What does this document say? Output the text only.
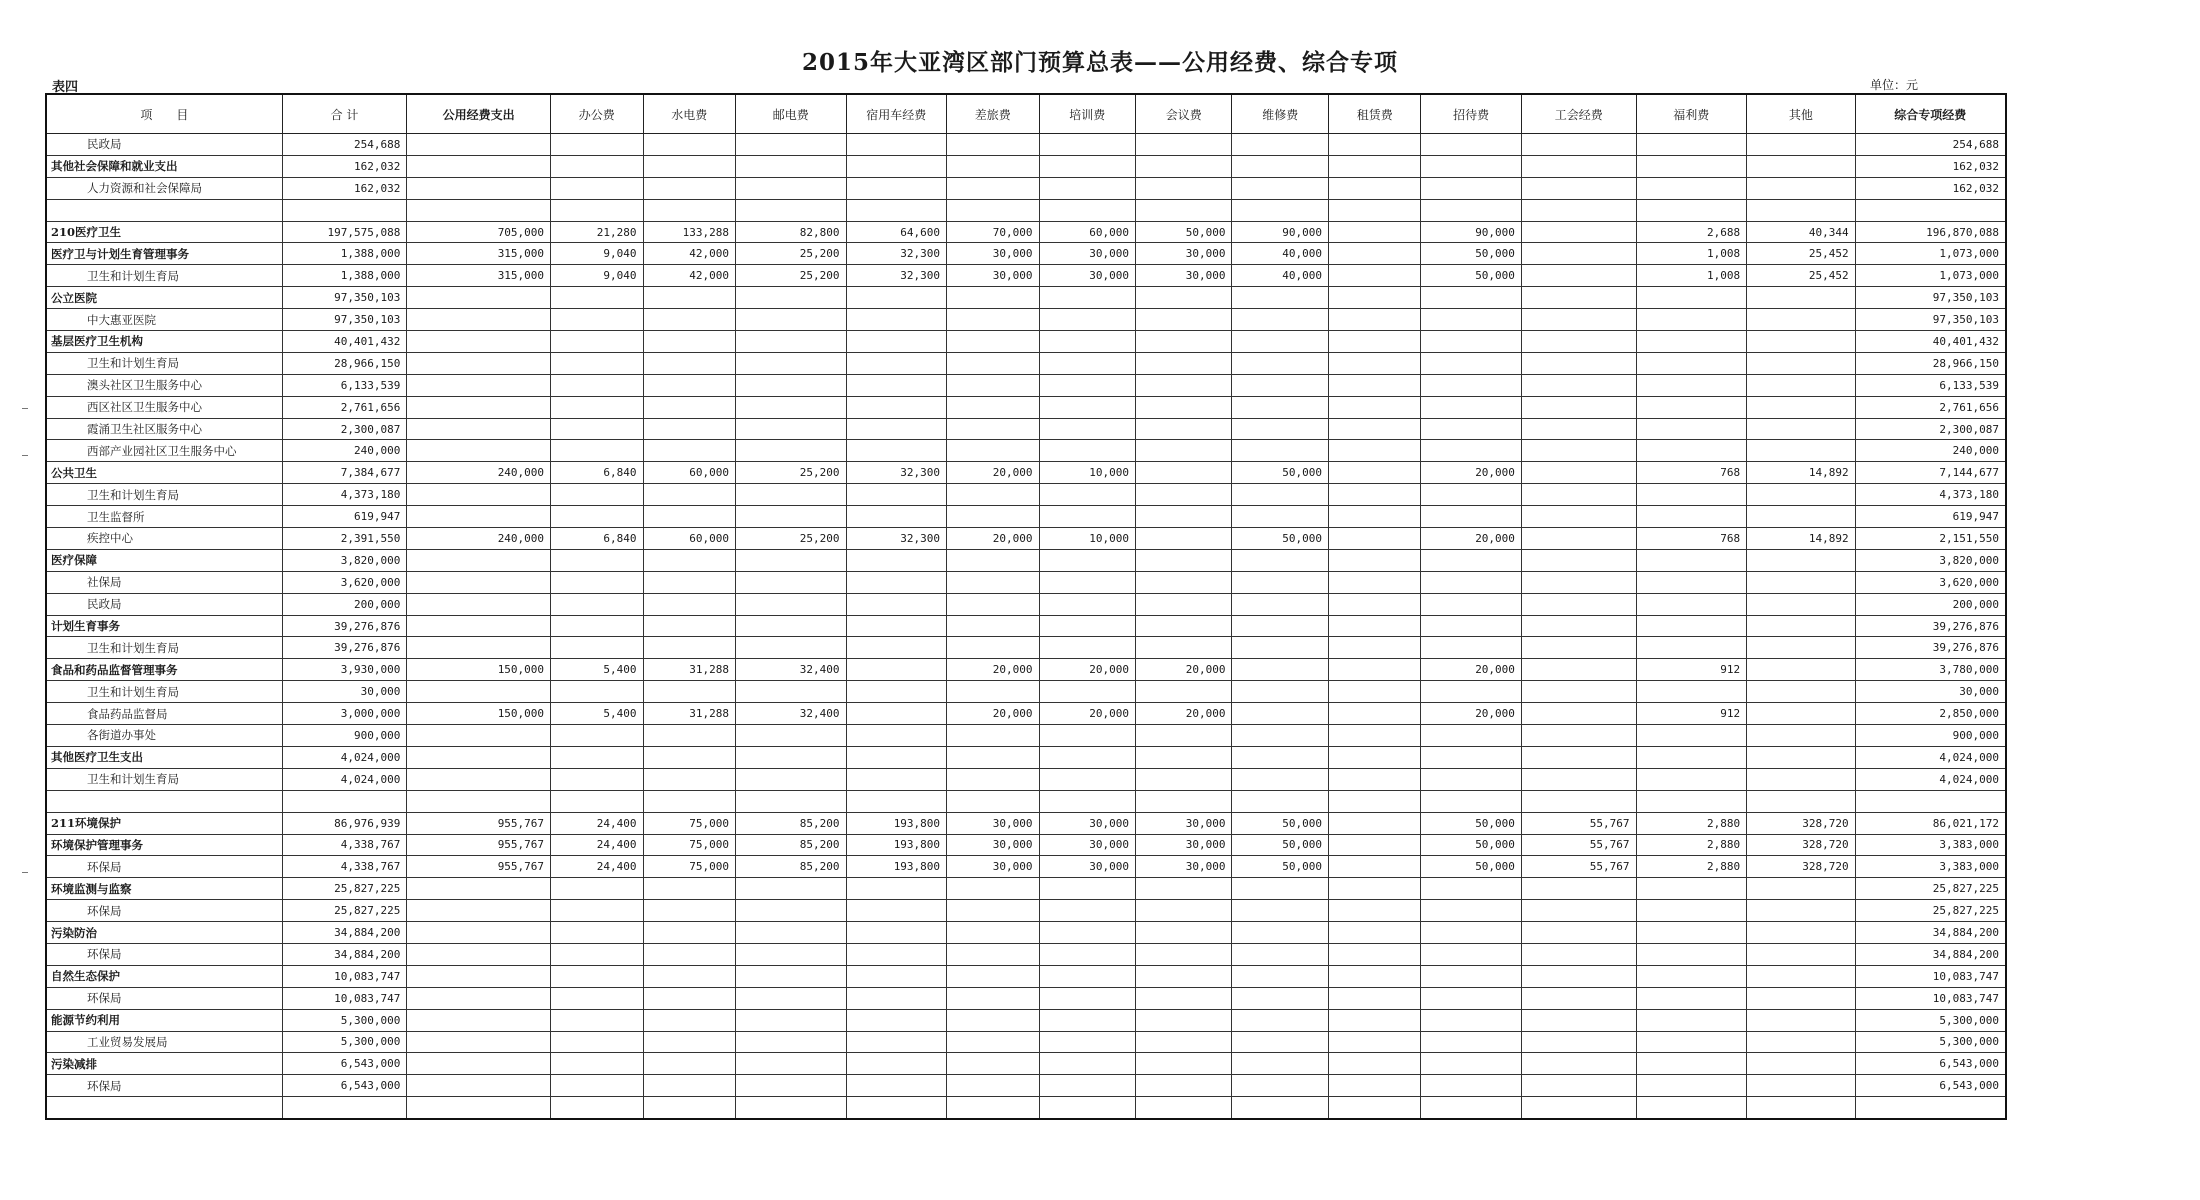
2015年大亚湾区部门预算总表——公用经费、综合专项
表四	单位：元
项　　目	合 计	公用经费支出	办公费	水电费	邮电费	宿用车经费	差旅费	培训费	会议费	维修费	租赁费	招待费	工会经费	福利费	其他	综合专项经费
民政局	254,688															254,688
其他社会保障和就业支出	162,032															162,032
人力资源和社会保障局	162,032															162,032

210医疗卫生	197,575,088	705,000	21,280	133,288	82,800	64,600	70,000	60,000	50,000	90,000		90,000		2,688	40,344	196,870,088
医疗卫与计划生育管理事务	1,388,000	315,000	9,040	42,000	25,200	32,300	30,000	30,000	30,000	40,000		50,000		1,008	25,452	1,073,000
卫生和计划生育局	1,388,000	315,000	9,040	42,000	25,200	32,300	30,000	30,000	30,000	40,000		50,000		1,008	25,452	1,073,000
公立医院	97,350,103															97,350,103
中大惠亚医院	97,350,103															97,350,103
基层医疗卫生机构	40,401,432															40,401,432
卫生和计划生育局	28,966,150															28,966,150
澳头社区卫生服务中心	6,133,539															6,133,539
西区社区卫生服务中心	2,761,656															2,761,656
霞涌卫生社区服务中心	2,300,087															2,300,087
西部产业园社区卫生服务中心	240,000															240,000
公共卫生	7,384,677	240,000	6,840	60,000	25,200	32,300	20,000	10,000		50,000		20,000		768	14,892	7,144,677
卫生和计划生育局	4,373,180															4,373,180
卫生监督所	619,947															619,947
疾控中心	2,391,550	240,000	6,840	60,000	25,200	32,300	20,000	10,000		50,000		20,000		768	14,892	2,151,550
医疗保障	3,820,000															3,820,000
社保局	3,620,000															3,620,000
民政局	200,000															200,000
计划生育事务	39,276,876															39,276,876
卫生和计划生育局	39,276,876															39,276,876
食品和药品监督管理事务	3,930,000	150,000	5,400	31,288	32,400		20,000	20,000	20,000			20,000		912		3,780,000
卫生和计划生育局	30,000															30,000
食品药品监督局	3,000,000	150,000	5,400	31,288	32,400		20,000	20,000	20,000			20,000		912		2,850,000
各街道办事处	900,000															900,000
其他医疗卫生支出	4,024,000															4,024,000
卫生和计划生育局	4,024,000															4,024,000

211环境保护	86,976,939	955,767	24,400	75,000	85,200	193,800	30,000	30,000	30,000	50,000		50,000	55,767	2,880	328,720	86,021,172
环境保护管理事务	4,338,767	955,767	24,400	75,000	85,200	193,800	30,000	30,000	30,000	50,000		50,000	55,767	2,880	328,720	3,383,000
环保局	4,338,767	955,767	24,400	75,000	85,200	193,800	30,000	30,000	30,000	50,000		50,000	55,767	2,880	328,720	3,383,000
环境监测与监察	25,827,225															25,827,225
环保局	25,827,225															25,827,225
污染防治	34,884,200															34,884,200
环保局	34,884,200															34,884,200
自然生态保护	10,083,747															10,083,747
环保局	10,083,747															10,083,747
能源节约利用	5,300,000															5,300,000
工业贸易发展局	5,300,000															5,300,000
污染减排	6,543,000															6,543,000
环保局	6,543,000															6,543,000
